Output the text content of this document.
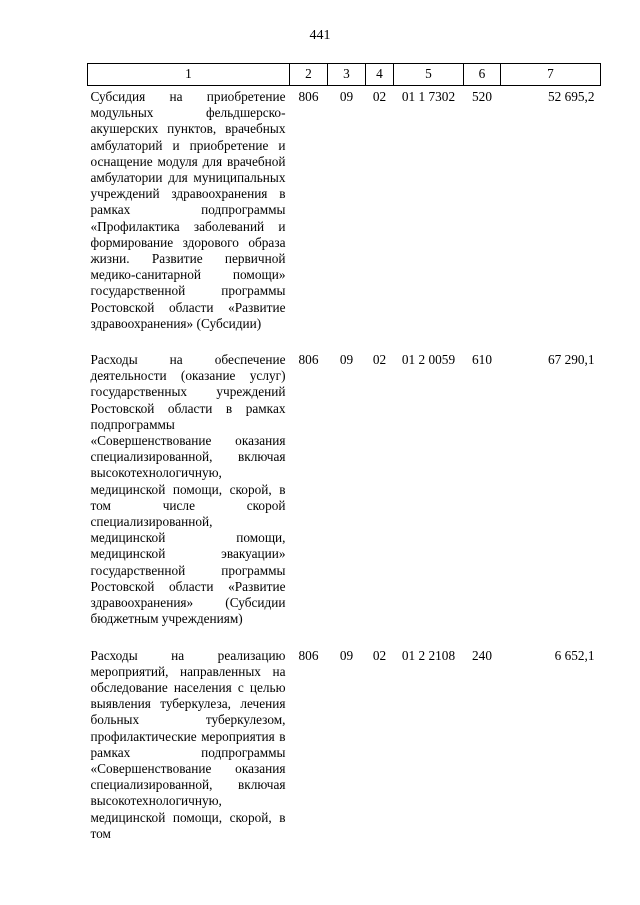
441
1	2	3	4	5	6	7
Субсидия на приобретение модульных фельдшерско-акушерских пунктов, врачебных амбулаторий и приобретение и оснащение модуля для врачебной амбулатории для муниципальных учреждений здравоохранения в рамках подпрограммы «Профилактика заболеваний и формирование здорового образа жизни. Развитие первичной медико-санитарной помощи» государственной программы Ростовской области «Развитие здравоохранения» (Субсидии)	806	09	02	01 1 7302	520	52 695,2
Расходы на обеспечение деятельности (оказание услуг) государственных учреждений Ростовской области в рамках подпрограммы «Совершенствование оказания специализированной, включая высокотехнологичную, медицинской помощи, скорой, в том числе скорой специализированной, медицинской помощи, медицинской эвакуации» государственной программы Ростовской области «Развитие здравоохранения» (Субсидии бюджетным учреждениям)	806	09	02	01 2 0059	610	67 290,1
Расходы на реализацию мероприятий, направленных на обследование населения с целью выявления туберкулеза, лечения больных туберкулезом, профилактические мероприятия в рамках подпрограммы «Совершенствование оказания специализированной, включая высокотехнологичную, медицинской помощи, скорой, в том	806	09	02	01 2 2108	240	6 652,1
